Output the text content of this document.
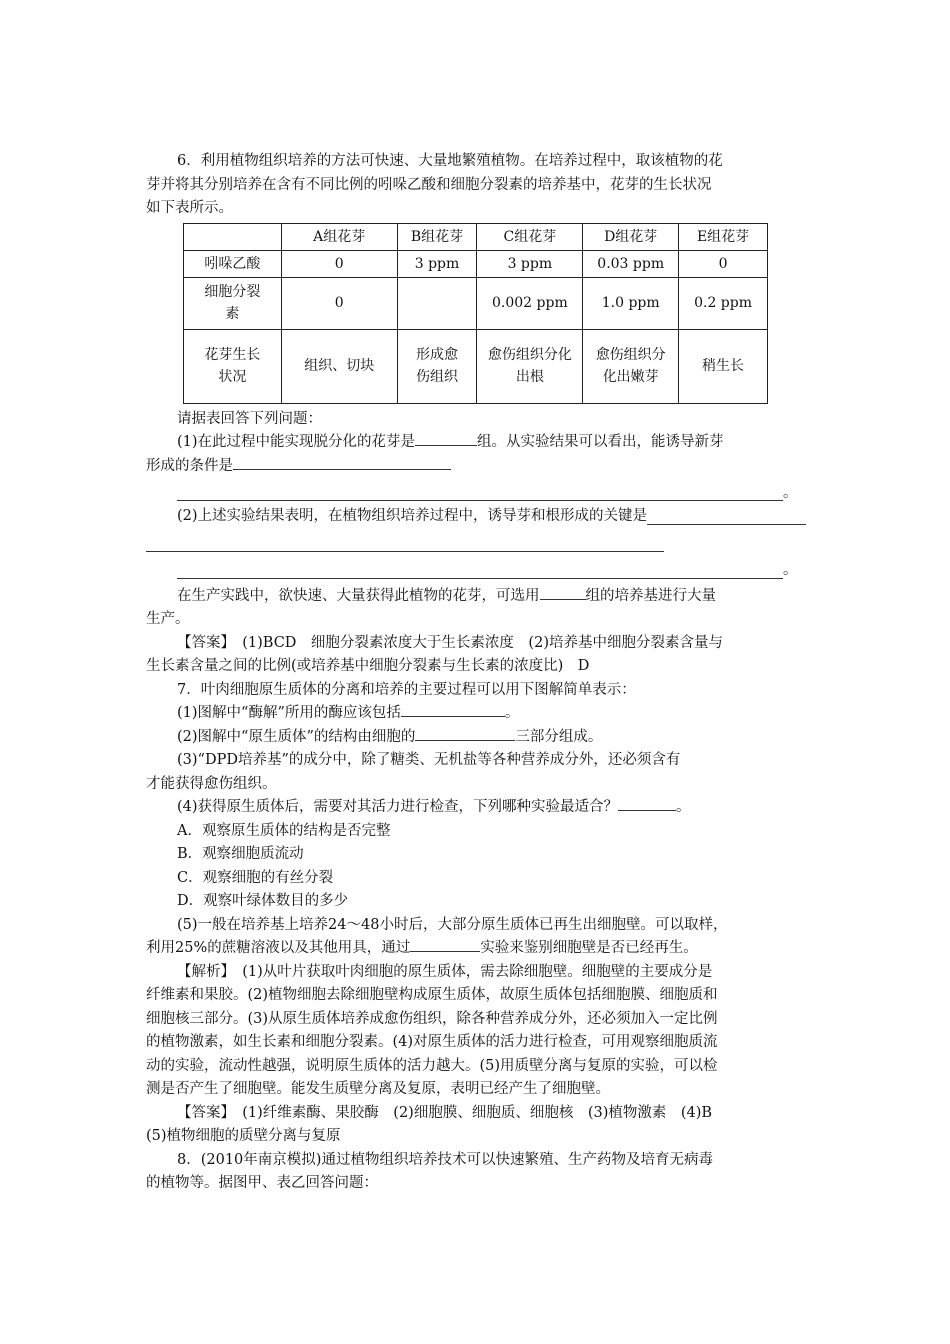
6．利用植物组织培养的方法可快速、大量地繁殖植物。在培养过程中，取该植物的花

芽并将其分别培养在含有不同比例的吲哚乙酸和细胞分裂素的培养基中，花芽的生长状况

如下表所示。

	A组花芽	B组花芽	C组花芽	D组花芽	E组花芽
吲哚乙酸	0	3 ppm	3 ppm	0.03 ppm	0
细胞分裂素	0		0.002 ppm	1.0 ppm	0.2 ppm
花芽生长状况	组织、切块	形成愈伤组织	愈伤组织分化出根	愈伤组织分化出嫩芽	稍生长

请据表回答下列问题：

(1)在此过程中能实现脱分化的花芽是	组。从实验结果可以看出，能诱导新芽

形成的条件是

。
(2)上述实验结果表明，在植物组织培养过程中，诱导芽和根形成的关键是
。

在生产实践中，欲快速、大量获得此植物的花芽，可选用	组的培养基进行大量

生产。

【答案】　(1)BCD　细胞分裂素浓度大于生长素浓度　(2)培养基中细胞分裂素含量与

生长素含量之间的比例(或培养基中细胞分裂素与生长素的浓度比)　D

7．叶肉细胞原生质体的分离和培养的主要过程可以用下图解简单表示：

(1)图解中“酶解”所用的酶应该包括	。

(2)图解中“原生质体”的结构由细胞的	三部分组成。

(3)“DPD培养基”的成分中，除了糖类、无机盐等各种营养成分外，还必须含有

才能获得愈伤组织。

(4)获得原生质体后，需要对其活力进行检查，下列哪种实验最适合？	。

A．观察原生质体的结构是否完整

B．观察细胞质流动

C．观察细胞的有丝分裂

D．观察叶绿体数目的多少

(5)一般在培养基上培养24～48小时后，大部分原生质体已再生出细胞壁。可以取样，

利用25%的蔗糖溶液以及其他用具，通过	实验来鉴别细胞壁是否已经再生。

【解析】　(1)从叶片获取叶肉细胞的原生质体，需去除细胞壁。细胞壁的主要成分是

纤维素和果胶。(2)植物细胞去除细胞壁构成原生质体，故原生质体包括细胞膜、细胞质和

细胞核三部分。(3)从原生质体培养成愈伤组织，除各种营养成分外，还必须加入一定比例

的植物激素，如生长素和细胞分裂素。(4)对原生质体的活力进行检查，可用观察细胞质流

动的实验，流动性越强，说明原生质体的活力越大。(5)用质壁分离与复原的实验，可以检

测是否产生了细胞壁。能发生质壁分离及复原，表明已经产生了细胞壁。

【答案】　(1)纤维素酶、果胶酶　(2)细胞膜、细胞质、细胞核　(3)植物激素　(4)B

(5)植物细胞的质壁分离与复原

8．(2010年南京模拟)通过植物组织培养技术可以快速繁殖、生产药物及培育无病毒

的植物等。据图甲、表乙回答问题：
